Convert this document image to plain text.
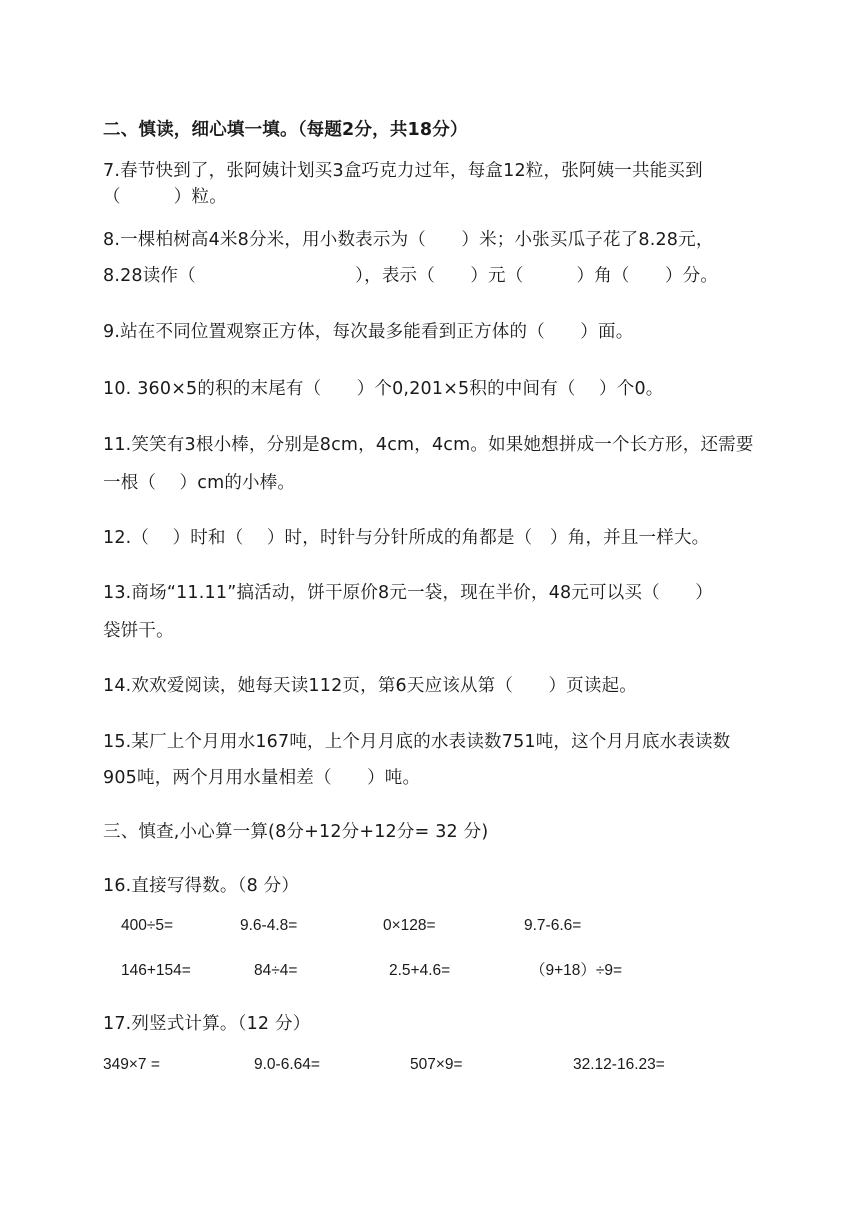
二、慎读，细心填一填。（每题2分，共18分）
7.春节快到了，张阿姨计划买3盒巧克力过年，每盒12粒，张阿姨一共能买到
（　　　）粒。
8.一棵柏树高4米8分米，用小数表示为（　　）米；小张买瓜子花了8.28元，
8.28读作（　　　　　　　　　），表示（　　）元（　　　）角（　　）分。
9.站在不同位置观察正方体，每次最多能看到正方体的（　　）面。
10. 360×5的积的末尾有（　　）个0,201×5积的中间有（　 ）个0。
11.笑笑有3根小棒，分别是8cm，4cm，4cm。如果她想拼成一个长方形，还需要
一根（　 ）cm的小棒。
12.（　 ）时和（　 ）时，时针与分针所成的角都是（　）角，并且一样大。
13.商场“11.11”搞活动，饼干原价8元一袋，现在半价，48元可以买（　　）
袋饼干。
14.欢欢爱阅读，她每天读112页，第6天应该从第（　　）页读起。
15.某厂上个月用水167吨，上个月月底的水表读数751吨，这个月月底水表读数
905吨，两个月用水量相差（　　）吨。
三、慎查,小心算一算(8分+12分+12分= 32 分)
16.直接写得数。（8 分）
400÷5=	9.6-4.8=	0×128=	9.7-6.6=
146+154=	84÷4=	2.5+4.6=	（9+18）÷9=
17.列竖式计算。（12 分）
349×7 =	9.0-6.64=	507×9=	32.12-16.23=
